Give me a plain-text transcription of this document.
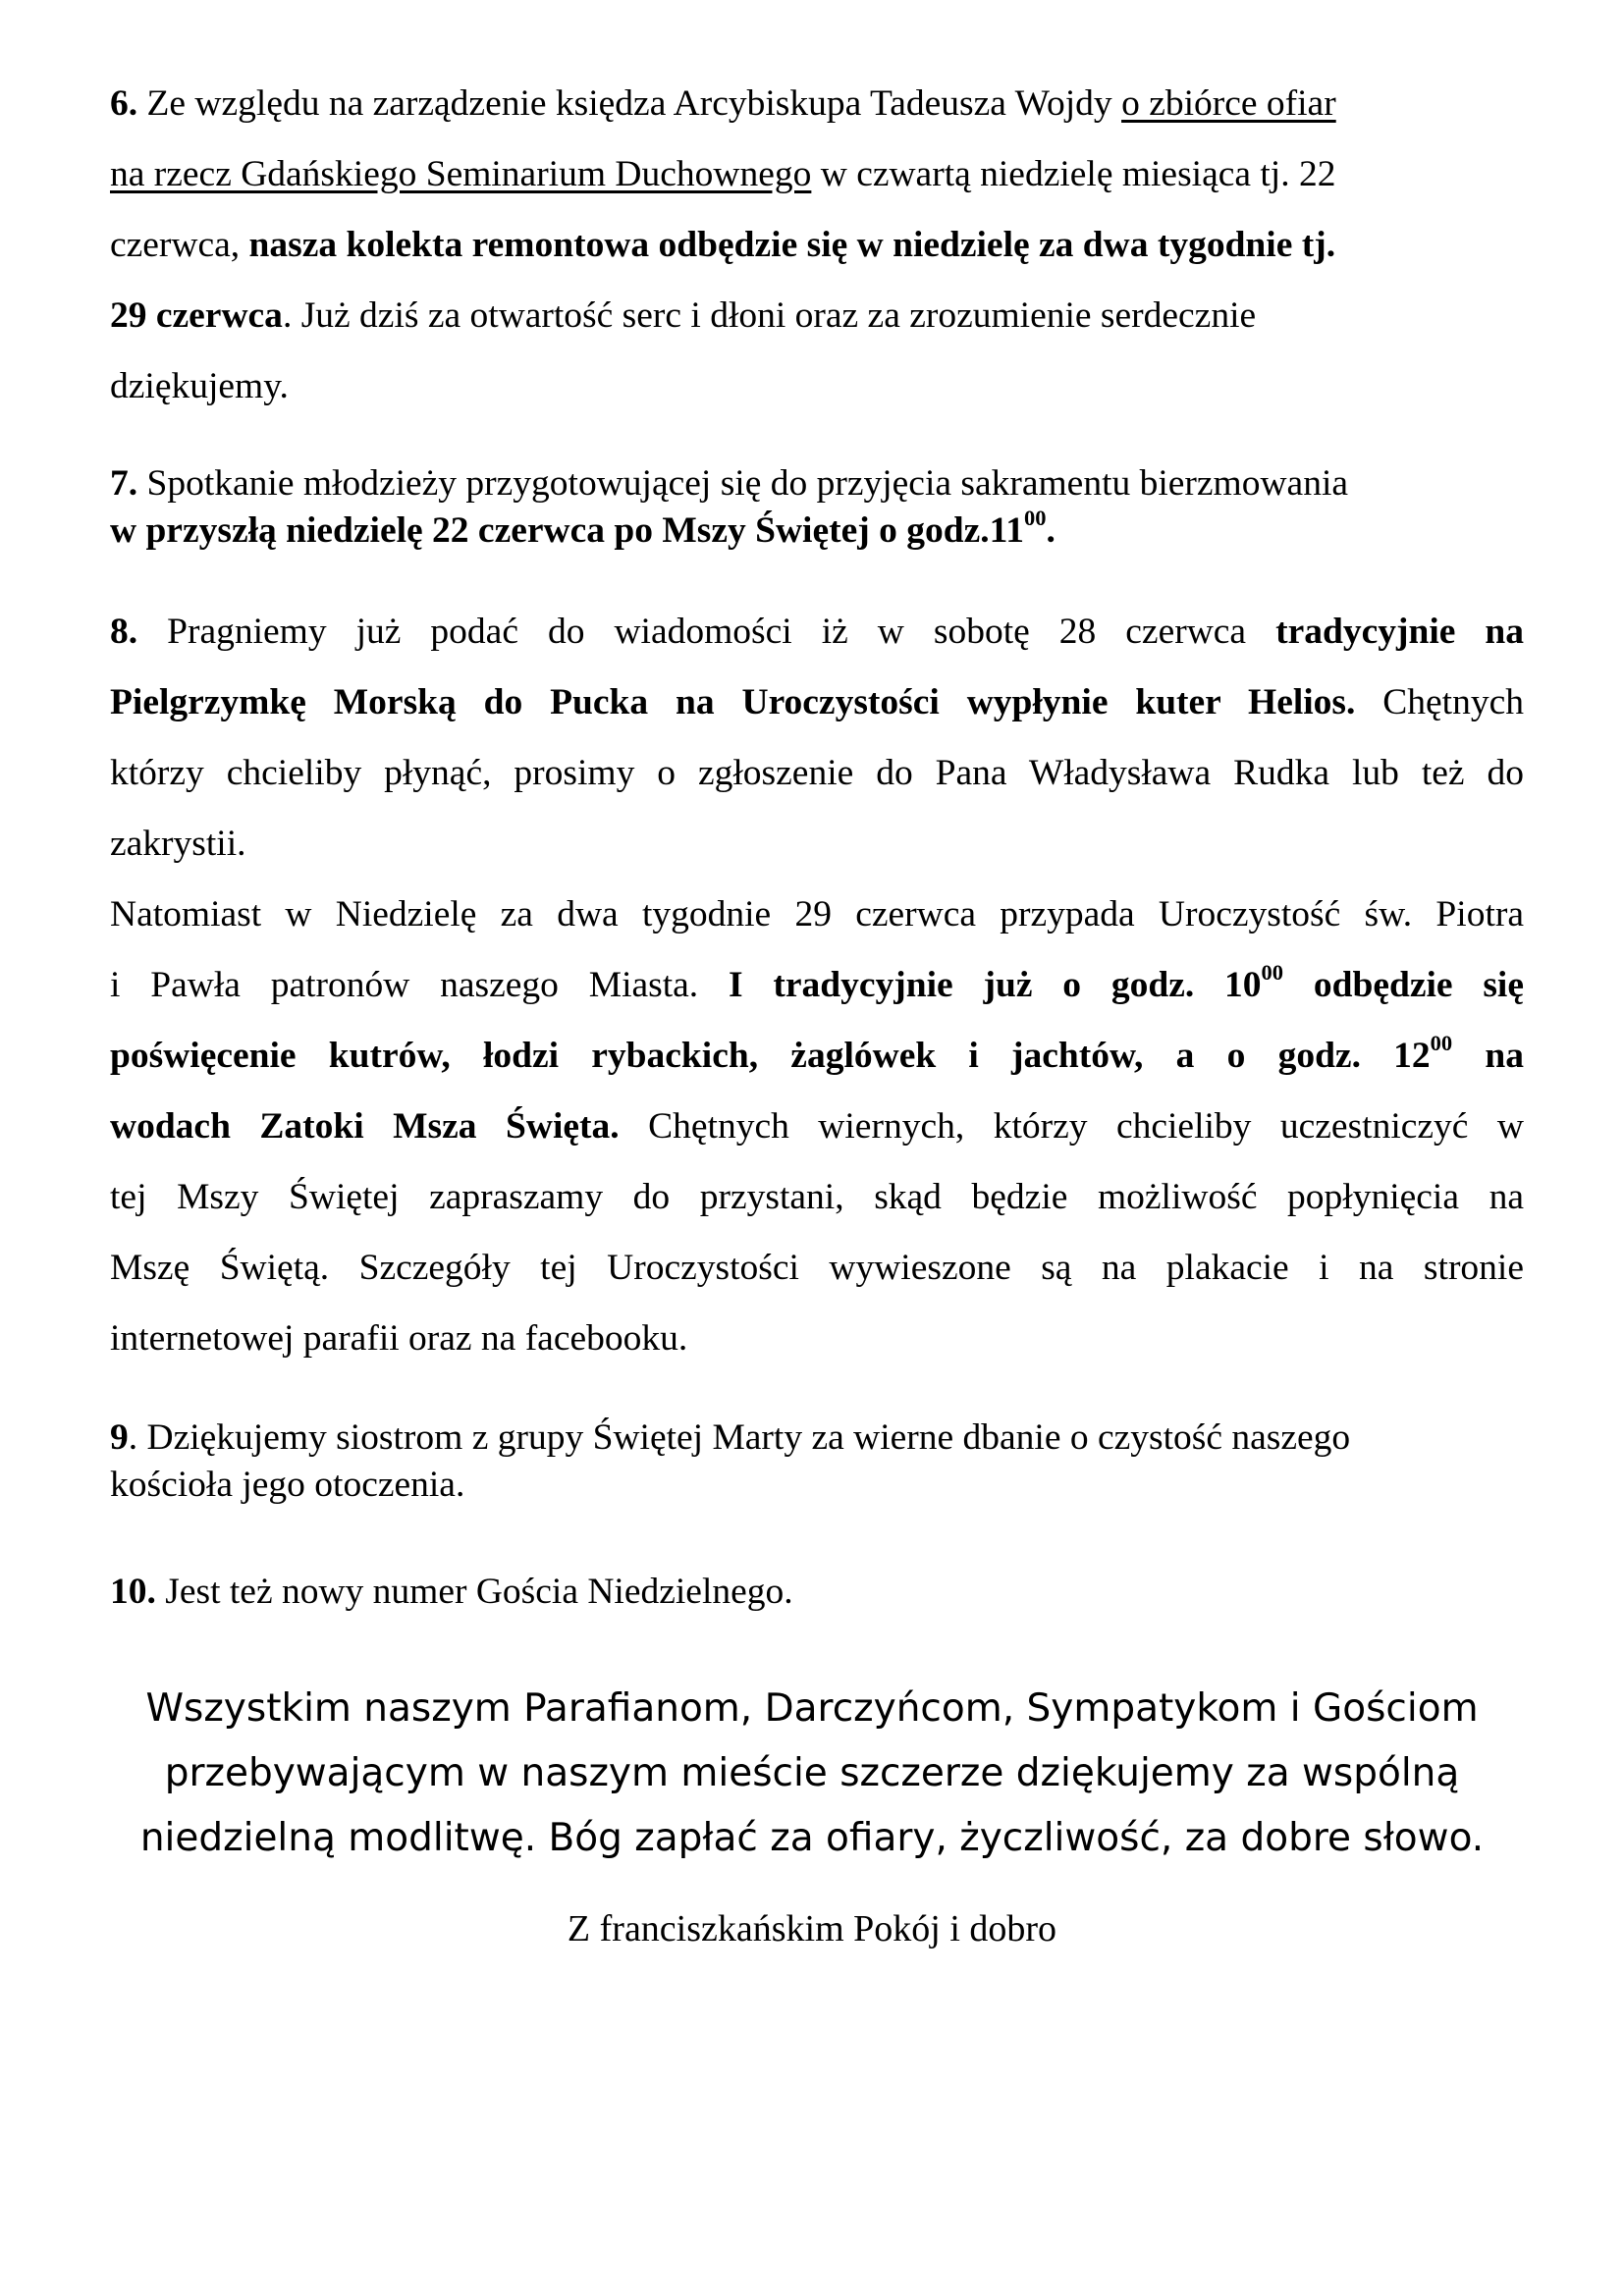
6. Ze względu na zarządzenie księdza Arcybiskupa Tadeusza Wojdy o zbiórce ofiar
na rzecz Gdańskiego Seminarium Duchownego w czwartą niedzielę miesiąca tj. 22
czerwca, nasza kolekta remontowa odbędzie się w niedzielę za dwa tygodnie tj.
29 czerwca. Już dziś za otwartość serc i dłoni oraz za zrozumienie serdecznie
dziękujemy.
7. Spotkanie młodzieży przygotowującej się do przyjęcia sakramentu bierzmowania
w przyszłą niedzielę 22 czerwca po Mszy Świętej o $godz.11^{00}$.
8. Pragniemy już podać do wiadomości iż w sobotę 28 czerwca tradycyjnie na
Pielgrzymkę Morską do Pucka na Uroczystości wypłynie kuter Helios. Chętnych
którzy chcieliby płynąć, prosimy o zgłoszenie do Pana Władysława Rudka lub też do
zakrystii.
Natomiast w Niedzielę za dwa tygodnie 29 czerwca przypada Uroczystość św. Piotra
i Pawła patronów naszego Miasta. I tradycyjnie już o godz. $10^{00}$ odbędzie się
poświęcenie kutrów, łodzi rybackich, żaglówek i jachtów, a o godz. $12^{00}$ na
wodach Zatoki Msza Święta. Chętnych wiernych, którzy chcieliby uczestniczyć w
tej Mszy Świętej zapraszamy do przystani, skąd będzie możliwość popłynięcia na
Mszę Świętą. Szczegóły tej Uroczystości wywieszone są na plakacie i na stronie
internetowej parafii oraz na facebooku.
9. Dziękujemy siostrom z grupy Świętej Marty za wierne dbanie o czystość naszego
kościoła jego otoczenia.
10. Jest też nowy numer Gościa Niedzielnego.
Wszystkim naszym Parafianom, Darczyńcom, Sympatykom i Gościom
przebywającym w naszym mieście szczerze dziękujemy za wspólną
niedzielną modlitwę. Bóg zapłać za ofiary, życzliwość, za dobre słowo.
Z franciszkańskim Pokój i dobro
